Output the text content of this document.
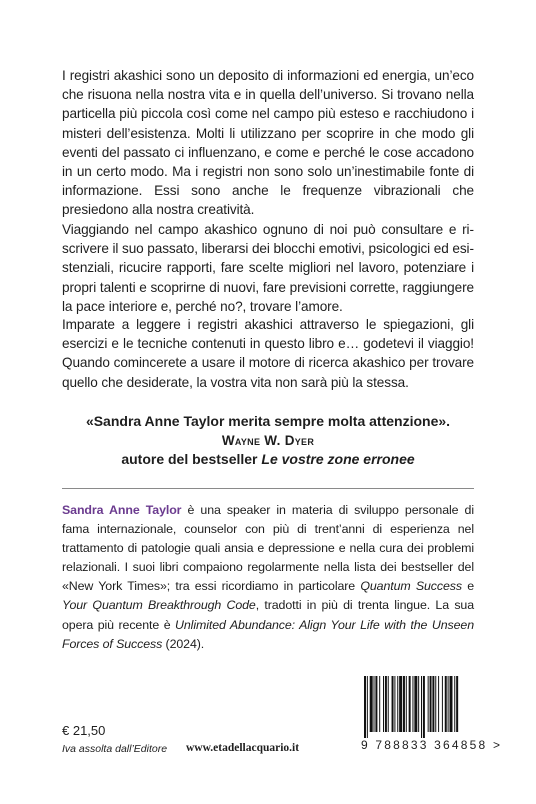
I registri akashici sono un deposito di informazioni ed energia, un’eco che risuona nella nostra vita e in quella dell’universo. Si trovano nella particella più piccola così come nel campo più esteso e racchiudono i misteri dell’esistenza. Molti li utilizzano per scoprire in che modo gli eventi del passato ci influenzano, e come e perché le cose accadono in un certo modo. Ma i registri non sono solo un’inestimabile fonte di informazione. Essi sono anche le frequenze vibrazionali che presiedono alla nostra creatività.

Viaggiando nel campo akashico ognuno di noi può consultare e riscrivere il suo passato, liberarsi dei blocchi emotivi, psicologici ed esistenziali, ricucire rapporti, fare scelte migliori nel lavoro, potenziare i propri talenti e scoprirne di nuovi, fare previsioni corrette, raggiungere la pace interiore e, perché no?, trovare l’amore.

Imparate a leggere i registri akashici attraverso le spiegazioni, gli esercizi e le tecniche contenuti in questo libro e… godetevi il viaggio! Quando comincerete a usare il motore di ricerca akashico per trovare quello che desiderate, la vostra vita non sarà più la stessa.

«Sandra Anne Taylor merita sempre molta attenzione».
Wayne W. Dyer
autore del bestseller Le vostre zone erronee

Sandra Anne Taylor è una speaker in materia di sviluppo personale di fama internazionale, counselor con più di trent’anni di esperienza nel trattamento di patologie quali ansia e depressione e nella cura dei problemi relazionali. I suoi libri compaiono regolarmente nella lista dei bestseller del «New York Times»; tra essi ricordiamo in particolare Quantum Success e Your Quantum Breakthrough Code, tradotti in più di trenta lingue. La sua opera più recente è Unlimited Abundance: Align Your Life with the Unseen Forces of Success (2024).

€ 21,50
Iva assolta dall’Editore www.etadellacquario.it	9 788833 364858 >
